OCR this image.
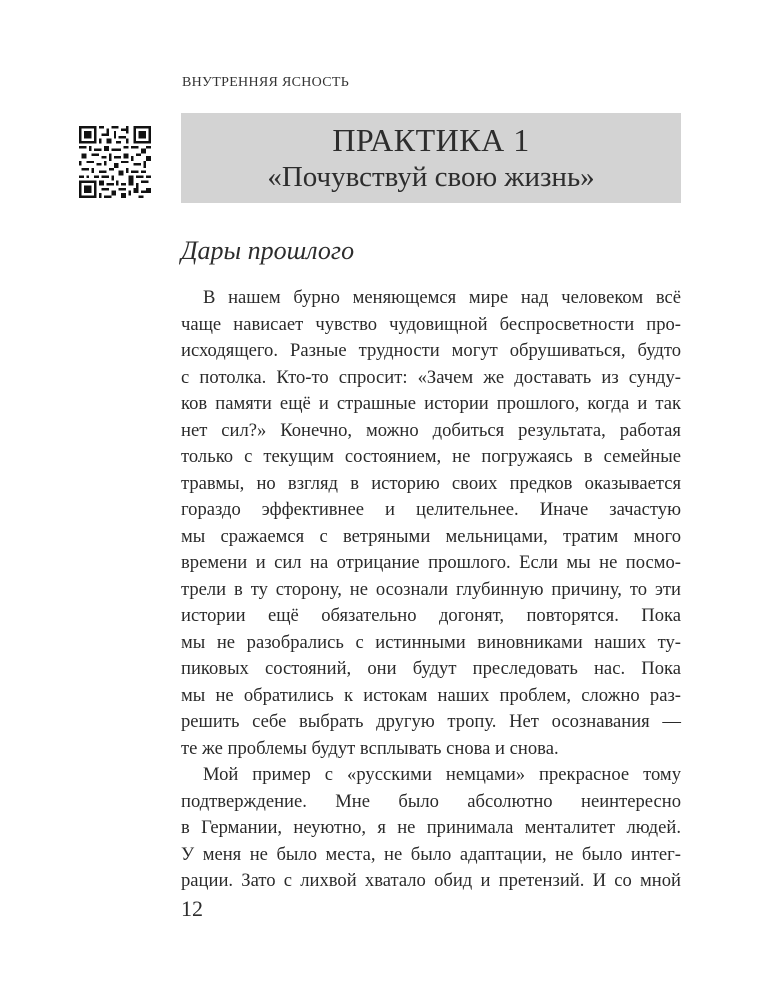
ВНУТРЕННЯЯ ЯСНОСТЬ
ПРАКТИКА 1
«Почувствуй свою жизнь»
Дары прошлого
В нашем бурно меняющемся мире над человеком всё
чаще нависает чувство чудовищной беспросветности про-
исходящего. Разные трудности могут обрушиваться, будто
с потолка. Кто-то спросит: «Зачем же доставать из сунду-
ков памяти ещё и страшные истории прошлого, когда и так
нет сил?» Конечно, можно добиться результата, работая
только с текущим состоянием, не погружаясь в семейные
травмы, но взгляд в историю своих предков оказывается
гораздо эффективнее и целительнее. Иначе зачастую
мы сражаемся с ветряными мельницами, тратим много
времени и сил на отрицание прошлого. Если мы не посмо-
трели в ту сторону, не осознали глубинную причину, то эти
истории ещё обязательно догонят, повторятся. Пока
мы не разобрались с истинными виновниками наших ту-
пиковых состояний, они будут преследовать нас. Пока
мы не обратились к истокам наших проблем, сложно раз-
решить себе выбрать другую тропу. Нет осознавания —
те же проблемы будут всплывать снова и снова.
Мой пример с «русскими немцами» прекрасное тому
подтверждение. Мне было абсолютно неинтересно
в Германии, неуютно, я не принимала менталитет людей.
У меня не было места, не было адаптации, не было интег-
рации. Зато с лихвой хватало обид и претензий. И со мной
12
